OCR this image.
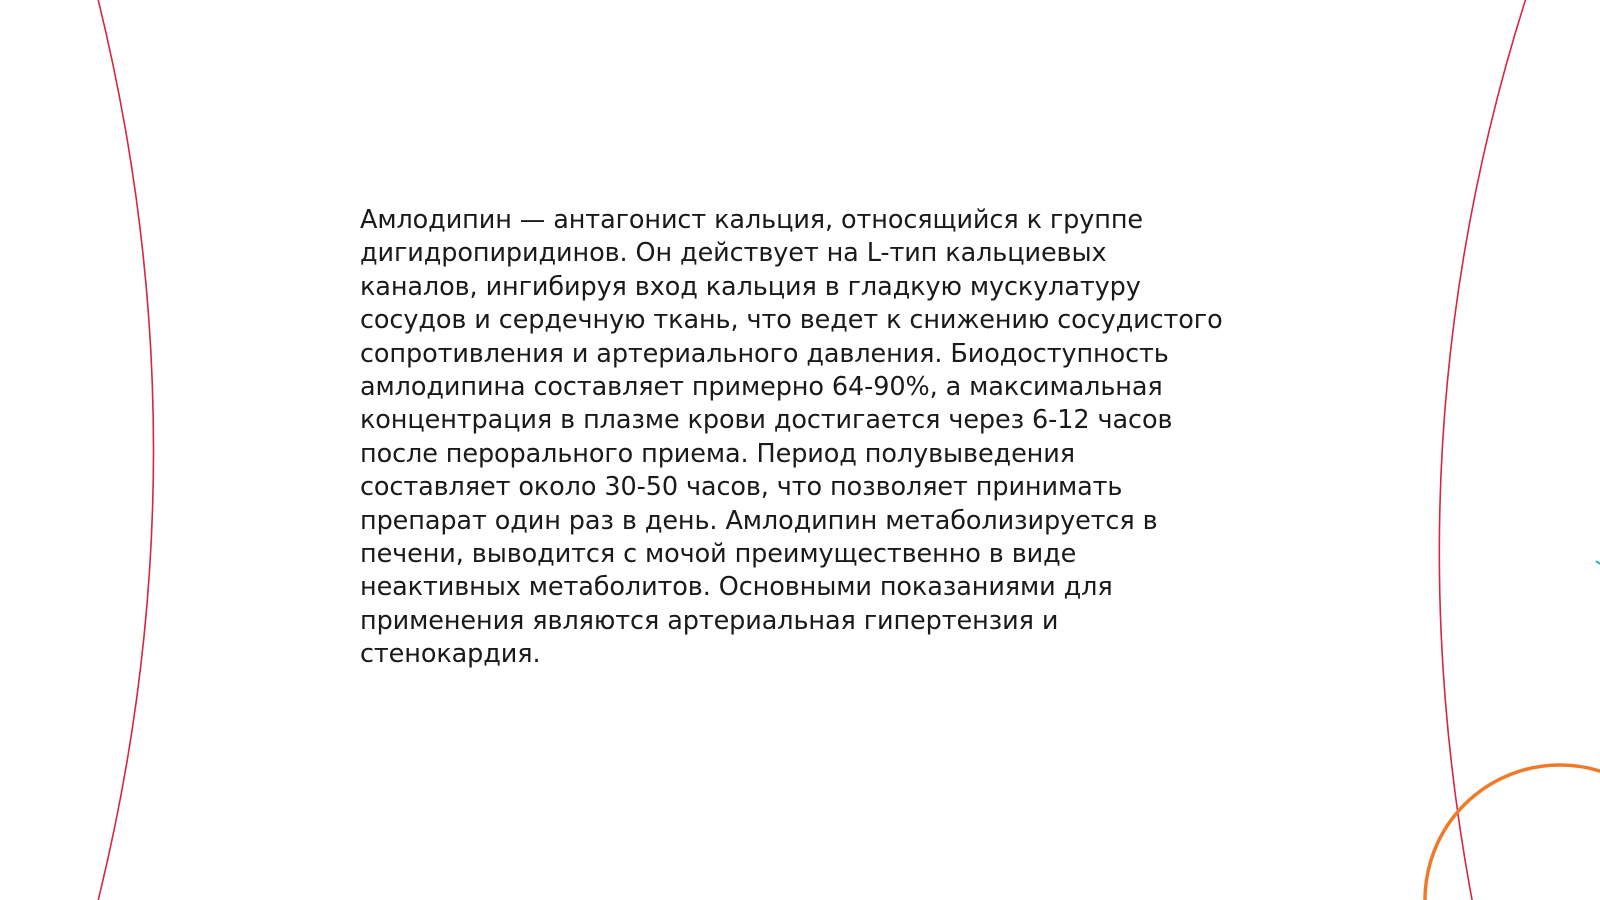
Амлодипин — антагонист кальция, относящийся к группе
дигидропиридинов. Он действует на L-тип кальциевых
каналов, ингибируя вход кальция в гладкую мускулатуру
сосудов и сердечную ткань, что ведет к снижению сосудистого
сопротивления и артериального давления. Биодоступность
амлодипина составляет примерно 64-90%, а максимальная
концентрация в плазме крови достигается через 6-12 часов
после перорального приема. Период полувыведения
составляет около 30-50 часов, что позволяет принимать
препарат один раз в день. Амлодипин метаболизируется в
печени, выводится с мочой преимущественно в виде
неактивных метаболитов. Основными показаниями для
применения являются артериальная гипертензия и
стенокардия.
